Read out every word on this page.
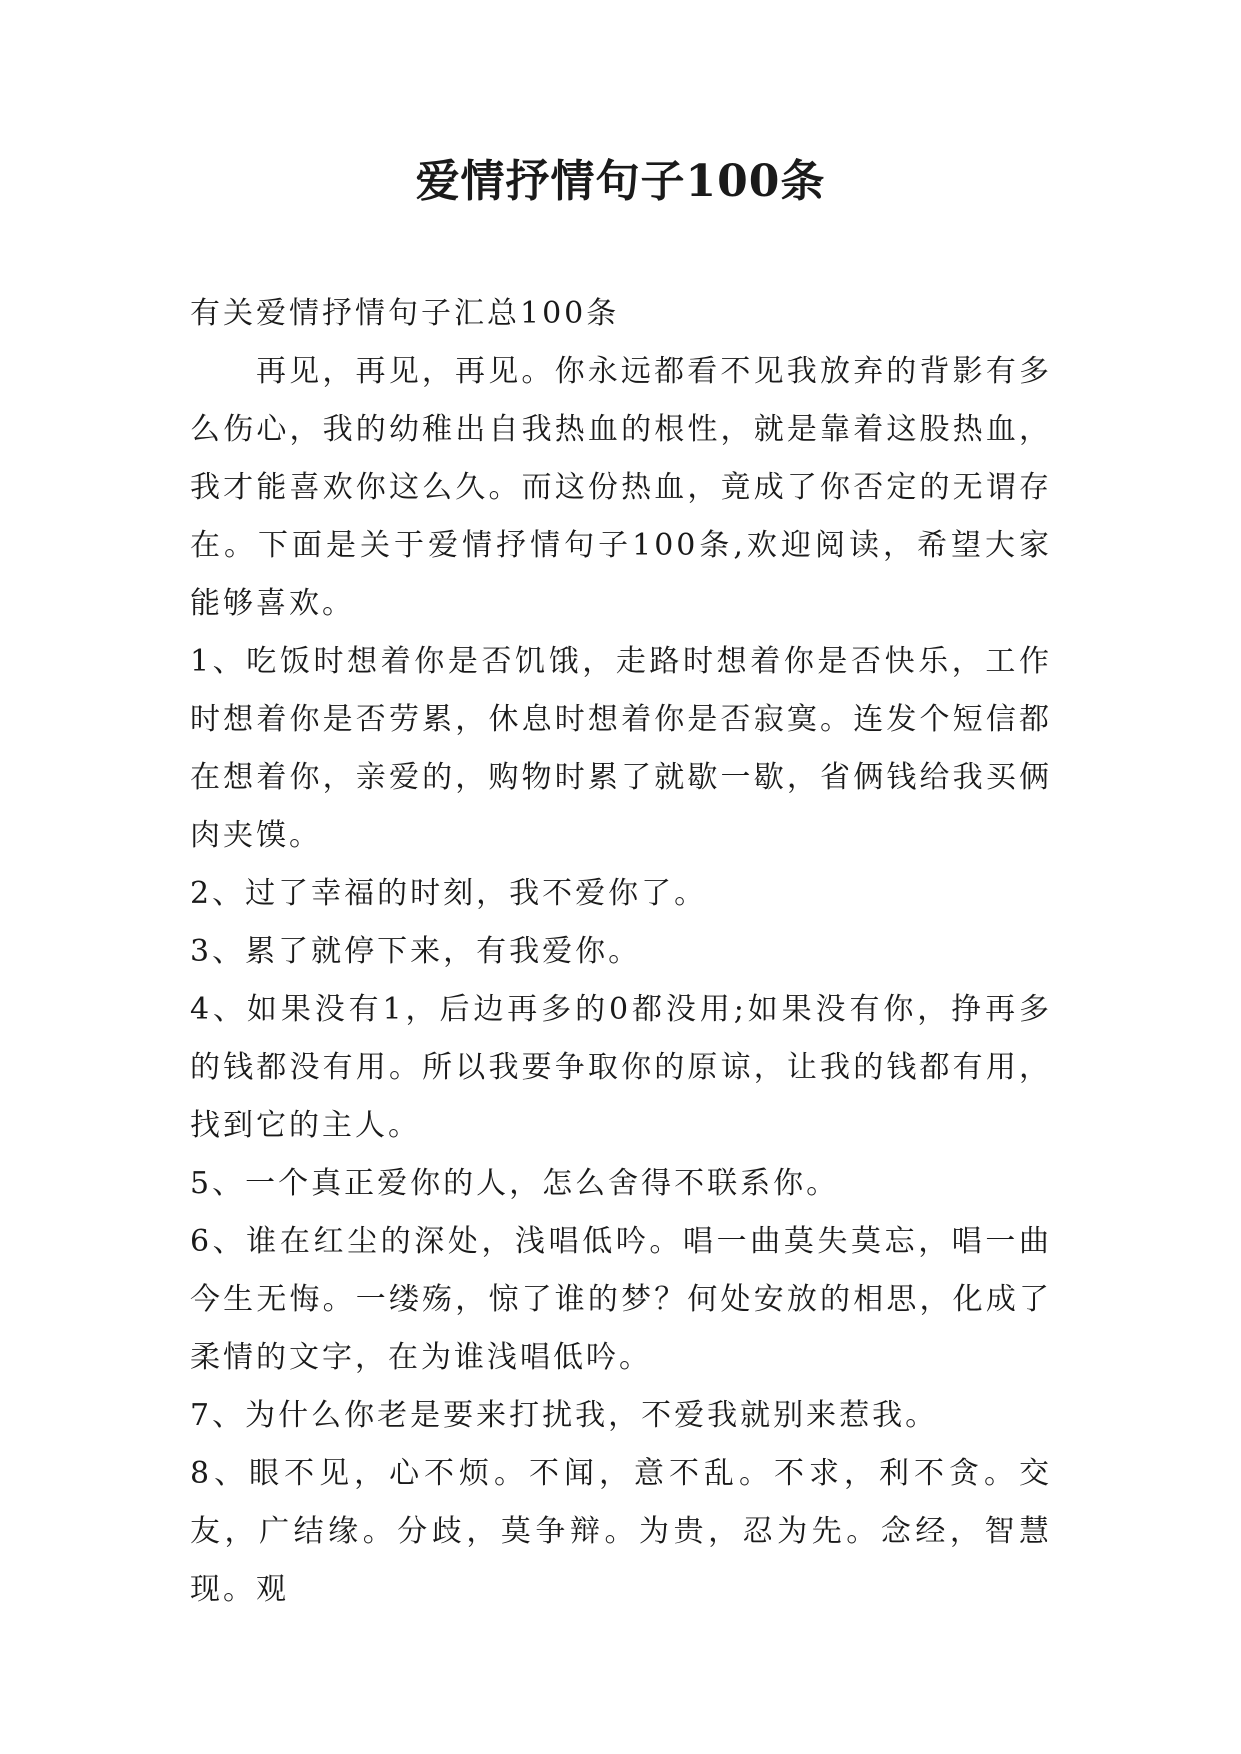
爱情抒情句子100条

有关爱情抒情句子汇总100条

再见，再见，再见。你永远都看不见我放弃的背影有多么伤心，我的幼稚出自我热血的根性，就是靠着这股热血，我才能喜欢你这么久。而这份热血，竟成了你否定的无谓存在。下面是关于爱情抒情句子100条,欢迎阅读，希望大家能够喜欢。

1、吃饭时想着你是否饥饿，走路时想着你是否快乐，工作时想着你是否劳累，休息时想着你是否寂寞。连发个短信都在想着你，亲爱的，购物时累了就歇一歇，省俩钱给我买俩肉夹馍。

2、过了幸福的时刻，我不爱你了。

3、累了就停下来，有我爱你。

4、如果没有1，后边再多的0都没用;如果没有你，挣再多的钱都没有用。所以我要争取你的原谅，让我的钱都有用，找到它的主人。

5、一个真正爱你的人，怎么舍得不联系你。

6、谁在红尘的深处，浅唱低吟。唱一曲莫失莫忘，唱一曲今生无悔。一缕殇，惊了谁的梦？何处安放的相思，化成了柔情的文字，在为谁浅唱低吟。

7、为什么你老是要来打扰我，不爱我就别来惹我。

8、眼不见，心不烦。不闻，意不乱。不求，利不贪。交友，广结缘。分歧，莫争辩。为贵，忍为先。念经，智慧现。观
